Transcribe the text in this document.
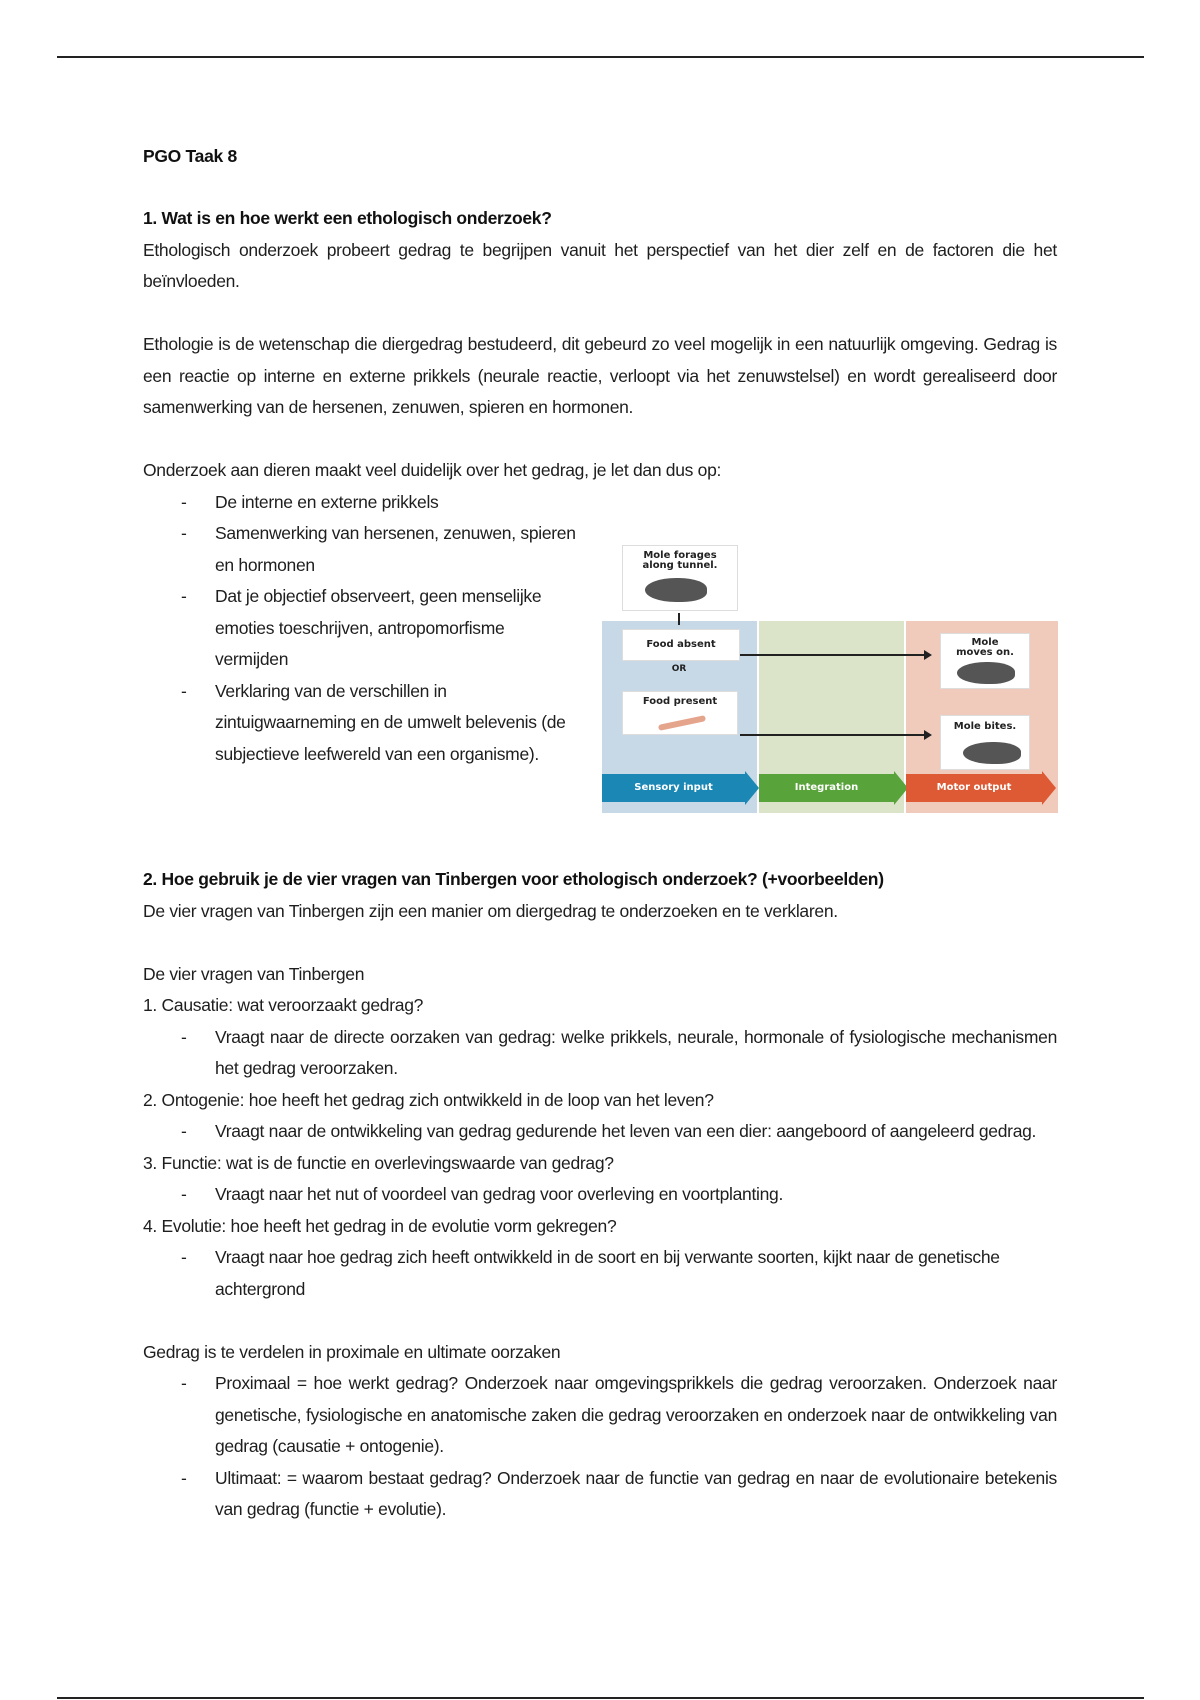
PGO Taak 8

1. Wat is en hoe werkt een ethologisch onderzoek?

Ethologisch onderzoek probeert gedrag te begrijpen vanuit het perspectief van het dier zelf en de factoren die het beïnvloeden.

Ethologie is de wetenschap die diergedrag bestudeerd, dit gebeurd zo veel mogelijk in een natuurlijk omgeving. Gedrag is een reactie op interne en externe prikkels (neurale reactie, verloopt via het zenuwstelsel) en wordt gerealiseerd door samenwerking van de hersenen, zenuwen, spieren en hormonen.

Onderzoek aan dieren maakt veel duidelijk over het gedrag, je let dan dus op:

- De interne en externe prikkels
- Samenwerking van hersenen, zenuwen, spieren en hormonen
- Dat je objectief observeert, geen menselijke emoties toeschrijven, antropomorfisme vermijden
- Verklaring van de verschillen in zintuigwaarneming en de umwelt belevenis (de subjectieve leefwereld van een organisme).
Mole forages along tunnel.
Food absent
OR
Food present
Mole moves on.
Mole bites.
Sensory input	Integration	Motor output

2. Hoe gebruik je de vier vragen van Tinbergen voor ethologisch onderzoek? (+voorbeelden)

De vier vragen van Tinbergen zijn een manier om diergedrag te onderzoeken en te verklaren.

De vier vragen van Tinbergen

1. Causatie: wat veroorzaakt gedrag?

- Vraagt naar de directe oorzaken van gedrag: welke prikkels, neurale, hormonale of fysiologische mechanismen het gedrag veroorzaken.

2. Ontogenie: hoe heeft het gedrag zich ontwikkeld in de loop van het leven?

- Vraagt naar de ontwikkeling van gedrag gedurende het leven van een dier: aangeboord of aangeleerd gedrag.

3. Functie: wat is de functie en overlevingswaarde van gedrag?

- Vraagt naar het nut of voordeel van gedrag voor overleving en voortplanting.

4. Evolutie: hoe heeft het gedrag in de evolutie vorm gekregen?

- Vraagt naar hoe gedrag zich heeft ontwikkeld in de soort en bij verwante soorten, kijkt naar de genetische achtergrond

Gedrag is te verdelen in proximale en ultimate oorzaken

- Proximaal = hoe werkt gedrag? Onderzoek naar omgevingsprikkels die gedrag veroorzaken. Onderzoek naar genetische, fysiologische en anatomische zaken die gedrag veroorzaken en onderzoek naar de ontwikkeling van gedrag (causatie + ontogenie).
- Ultimaat: = waarom bestaat gedrag? Onderzoek naar de functie van gedrag en naar de evolutionaire betekenis van gedrag (functie + evolutie).
